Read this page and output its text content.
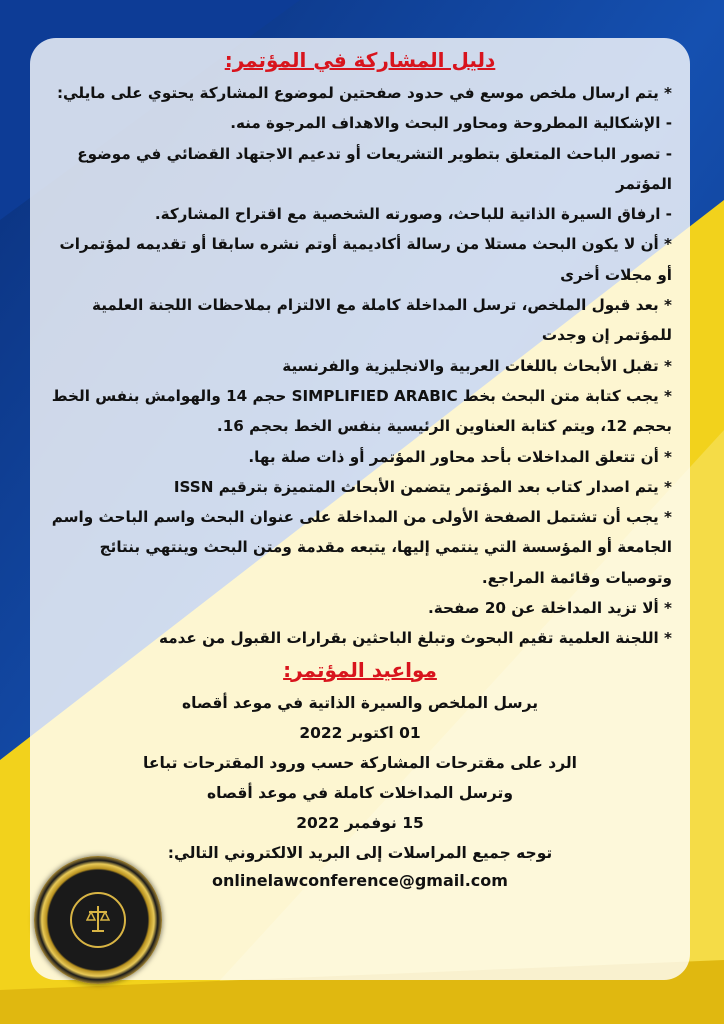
دليل المشاركة في المؤتمر:

* يتم ارسال ملخص موسع في حدود صفحتين لموضوع المشاركة يحتوي على مايلي:

- الإشكالية المطروحة ومحاور البحث والاهداف المرجوة منه.

- تصور الباحث المتعلق بتطوير التشريعات أو تدعيم الاجتهاد القضائي في موضوع المؤتمر

- ارفاق السيرة الذاتية للباحث، وصورته الشخصية مع اقتراح المشاركة.

* أن لا يكون البحث مستلا من رسالة أكاديمية أوتم نشره سابقا أو تقديمه لمؤتمرات أو مجلات أخرى

* بعد قبول الملخص، ترسل المداخلة كاملة مع الالتزام بملاحظات اللجنة العلمية للمؤتمر إن وجدت

* تقبل الأبحاث باللغات العربية والانجليزية والفرنسية

* يجب كتابة متن البحث بخط SIMPLIFIED ARABIC حجم 14 والهوامش بنفس الخط بحجم 12، ويتم كتابة العناوين الرئيسية بنفس الخط بحجم 16.

* أن تتعلق المداخلات بأحد محاور المؤتمر أو ذات صلة بها.

* يتم اصدار كتاب بعد المؤتمر يتضمن الأبحاث المتميزة بترقيم ISSN

* يجب أن تشتمل الصفحة الأولى من المداخلة على عنوان البحث واسم الباحث واسم الجامعة أو المؤسسة التي ينتمي إليها، يتبعه مقدمة ومتن البحث وينتهي بنتائج وتوصيات وقائمة المراجع.

* ألا تزيد المداخلة عن 20 صفحة.

* اللجنة العلمية تقيم البحوث وتبلغ الباحثين بقرارات القبول من عدمه

مواعيد المؤتمر:

يرسل الملخص والسيرة الذاتية في موعد أقصاه

01 اكتوبر 2022

الرد على مقترحات المشاركة حسب ورود المقترحات تباعا

وترسل المداخلات كاملة في موعد أقصاه

15 نوفمبر 2022

توجه جميع المراسلات إلى البريد الالكتروني التالي:

onlinelawconference@gmail.com
